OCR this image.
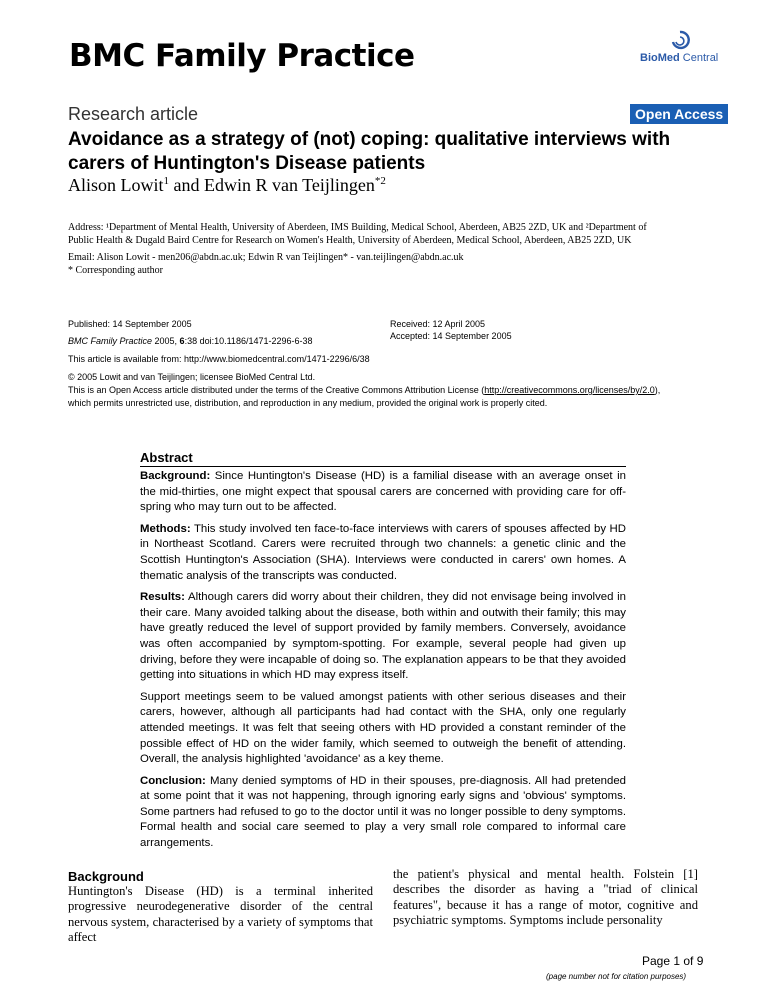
BMC Family Practice	BioMed Central
Research article	Open Access
Avoidance as a strategy of (not) coping: qualitative interviews with
carers of Huntington's Disease patients
Alison Lowit$^1$ and Edwin R van Teijlingen$^{*2}$
Address: ¹Department of Mental Health, University of Aberdeen, IMS Building, Medical School, Aberdeen, AB25 2ZD, UK and ²Department of
Public Health & Dugald Baird Centre for Research on Women's Health, University of Aberdeen, Medical School, Aberdeen, AB25 2ZD, UK
Email: Alison Lowit - men206@abdn.ac.uk; Edwin R van Teijlingen* - van.teijlingen@abdn.ac.uk
* Corresponding author
Published: 14 September 2005
BMC Family Practice 2005, 6:38 doi:10.1186/1471-2296-6-38
Received: 12 April 2005
Accepted: 14 September 2005
This article is available from: http://www.biomedcentral.com/1471-2296/6/38
© 2005 Lowit and van Teijlingen; licensee BioMed Central Ltd.
This is an Open Access article distributed under the terms of the Creative Commons Attribution License (http://creativecommons.org/licenses/by/2.0),
which permits unrestricted use, distribution, and reproduction in any medium, provided the original work is properly cited.
Abstract

Background: Since Huntington's Disease (HD) is a familial disease with an average onset in the mid-thirties, one might expect that spousal carers are concerned with providing care for off-spring who may turn out to be affected.

Methods: This study involved ten face-to-face interviews with carers of spouses affected by HD in Northeast Scotland. Carers were recruited through two channels: a genetic clinic and the Scottish Huntington's Association (SHA). Interviews were conducted in carers' own homes. A thematic analysis of the transcripts was conducted.

Results: Although carers did worry about their children, they did not envisage being involved in their care. Many avoided talking about the disease, both within and outwith their family; this may have greatly reduced the level of support provided by family members. Conversely, avoidance was often accompanied by symptom-spotting. For example, several people had given up driving, before they were incapable of doing so. The explanation appears to be that they avoided getting into situations in which HD may express itself.

Support meetings seem to be valued amongst patients with other serious diseases and their carers, however, although all participants had had contact with the SHA, only one regularly attended meetings. It was felt that seeing others with HD provided a constant reminder of the possible effect of HD on the wider family, which seemed to outweigh the benefit of attending. Overall, the analysis highlighted 'avoidance' as a key theme.

Conclusion: Many denied symptoms of HD in their spouses, pre-diagnosis. All had pretended at some point that it was not happening, through ignoring early signs and 'obvious' symptoms. Some partners had refused to go to the doctor until it was no longer possible to deny symptoms. Formal health and social care seemed to play a very small role compared to informal care arrangements.

Background
Huntington's Disease (HD) is a terminal inherited progressive neurodegenerative disorder of the central nervous system, characterised by a variety of symptoms that affect
the patient's physical and mental health. Folstein [1] describes the disorder as having a "triad of clinical features", because it has a range of motor, cognitive and psychiatric symptoms. Symptoms include personality
Page 1 of 9
(page number not for citation purposes)
